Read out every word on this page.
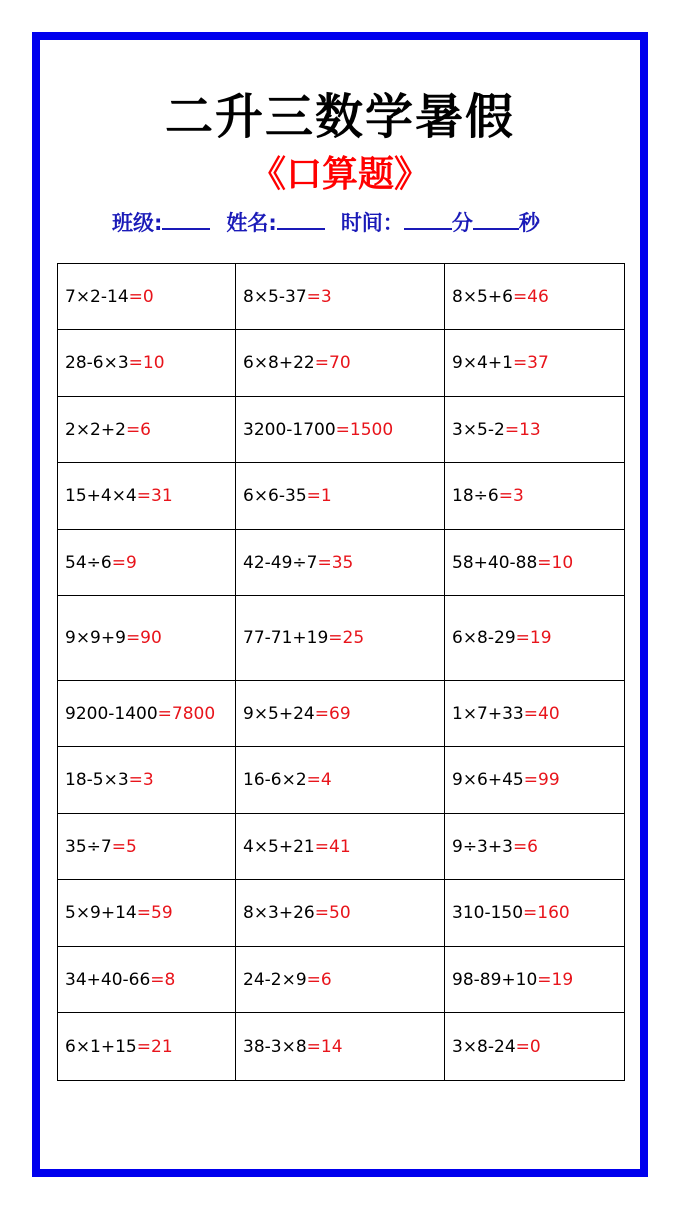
二升三数学暑假
《口算题》
班级:	姓名:	时间： 分 秒
7×2-14=0	8×5-37=3	8×5+6=46
28-6×3=10	6×8+22=70	9×4+1=37
2×2+2=6	3200-1700=1500	3×5-2=13
15+4×4=31	6×6-35=1	18÷6=3
54÷6=9	42-49÷7=35	58+40-88=10
9×9+9=90	77-71+19=25	6×8-29=19
9200-1400=7800	9×5+24=69	1×7+33=40
18-5×3=3	16-6×2=4	9×6+45=99
35÷7=5	4×5+21=41	9÷3+3=6
5×9+14=59	8×3+26=50	310-150=160
34+40-66=8	24-2×9=6	98-89+10=19
6×1+15=21	38-3×8=14	3×8-24=0
